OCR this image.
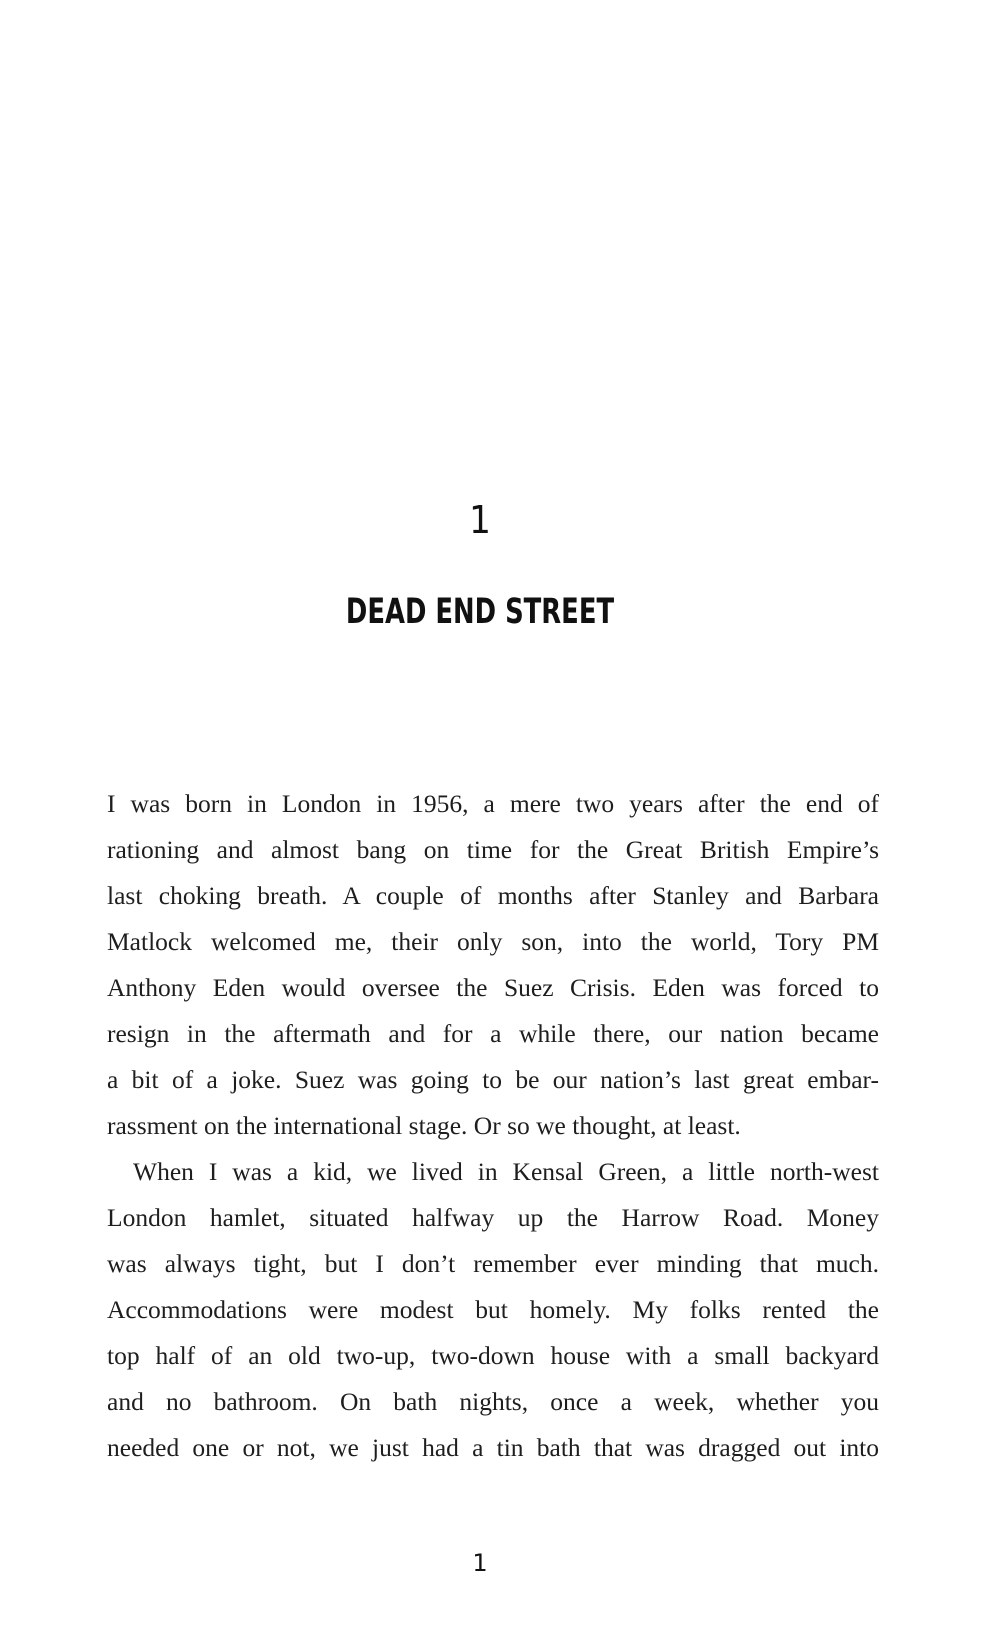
1
DEAD END STREET

I was born in London in 1956, a mere two years after the end of
rationing and almost bang on time for the Great British Empire’s
last choking breath. A couple of months after Stanley and Barbara
Matlock welcomed me, their only son, into the world, Tory PM
Anthony Eden would oversee the Suez Crisis. Eden was forced to
resign in the aftermath and for a while there, our nation became
a bit of a joke. Suez was going to be our nation’s last great embar-
rassment on the international stage. Or so we thought, at least.

When I was a kid, we lived in Kensal Green, a little north-west
London hamlet, situated halfway up the Harrow Road. Money
was always tight, but I don’t remember ever minding that much.
Accommodations were modest but homely. My folks rented the
top half of an old two-up, two-down house with a small backyard
and no bathroom. On bath nights, once a week, whether you
needed one or not, we just had a tin bath that was dragged out into

1
